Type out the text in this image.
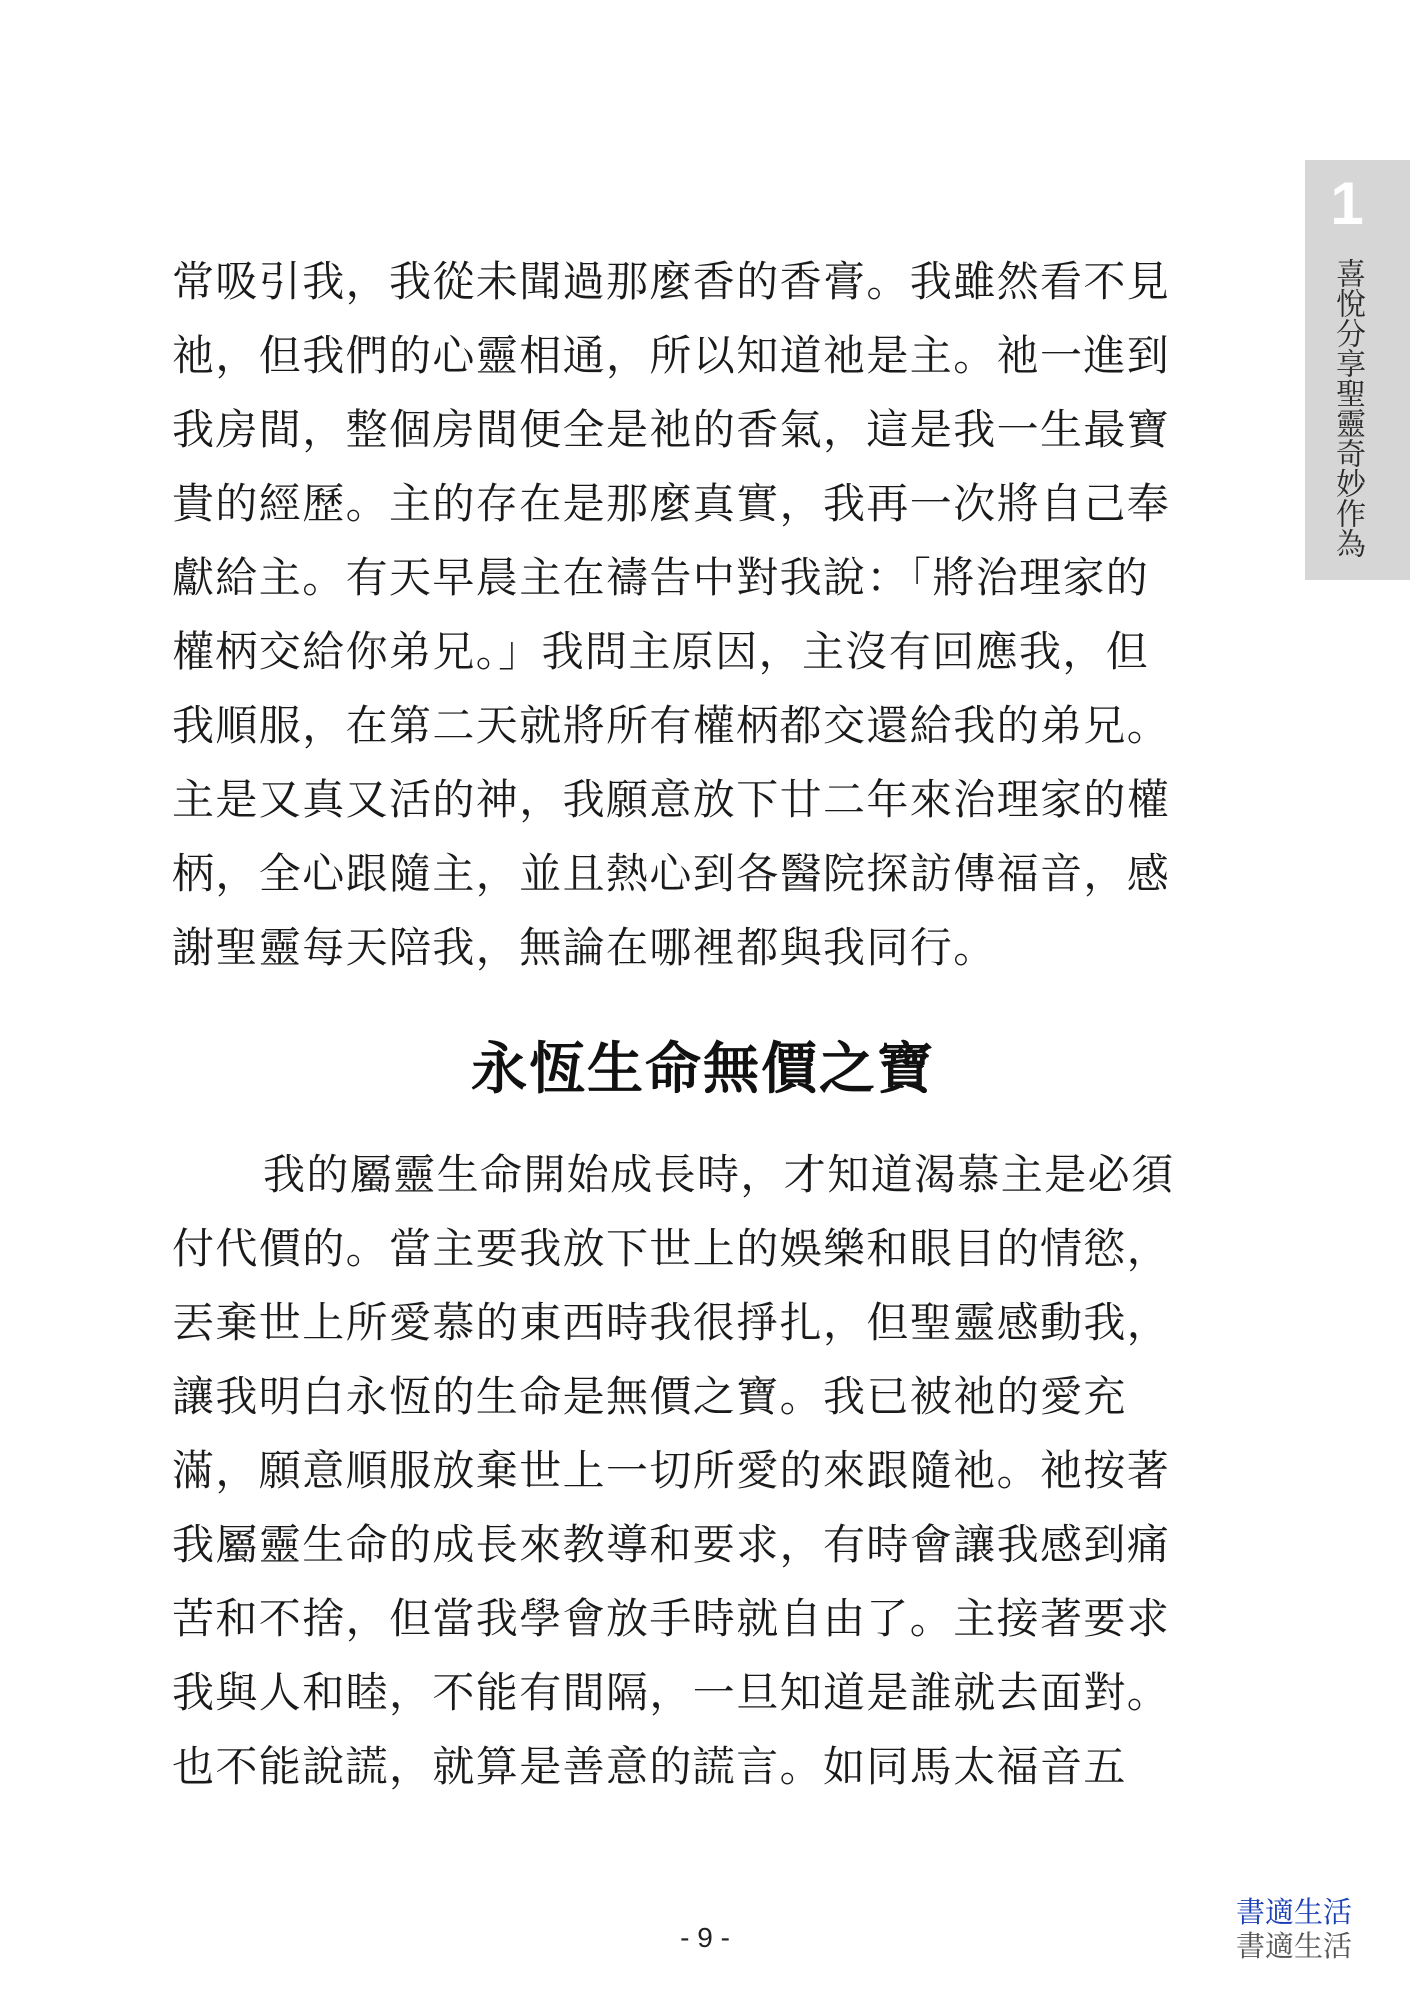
1
喜悅分享聖靈奇妙作為
常吸引我，我從未聞過那麼香的香膏。我雖然看不見
祂，但我們的心靈相通，所以知道祂是主。祂一進到
我房間，整個房間便全是祂的香氣，這是我一生最寶
貴的經歷。主的存在是那麼真實，我再一次將自己奉
獻給主。有天早晨主在禱告中對我說：「將治理家的
權柄交給你弟兄。」我問主原因，主沒有回應我，但
我順服，在第二天就將所有權柄都交還給我的弟兄。
主是又真又活的神，我願意放下廿二年來治理家的權
柄，全心跟隨主，並且熱心到各醫院探訪傳福音，感
謝聖靈每天陪我，無論在哪裡都與我同行。
永恆生命無價之寶
我的屬靈生命開始成長時，才知道渴慕主是必須
付代價的。當主要我放下世上的娛樂和眼目的情慾，
丟棄世上所愛慕的東西時我很掙扎，但聖靈感動我，
讓我明白永恆的生命是無價之寶。我已被祂的愛充
滿，願意順服放棄世上一切所愛的來跟隨祂。祂按著
我屬靈生命的成長來教導和要求，有時會讓我感到痛
苦和不捨，但當我學會放手時就自由了。主接著要求
我與人和睦，不能有間隔，一旦知道是誰就去面對。
也不能說謊，就算是善意的謊言。如同馬太福音五
- 9 -
書適生活
書適生活
